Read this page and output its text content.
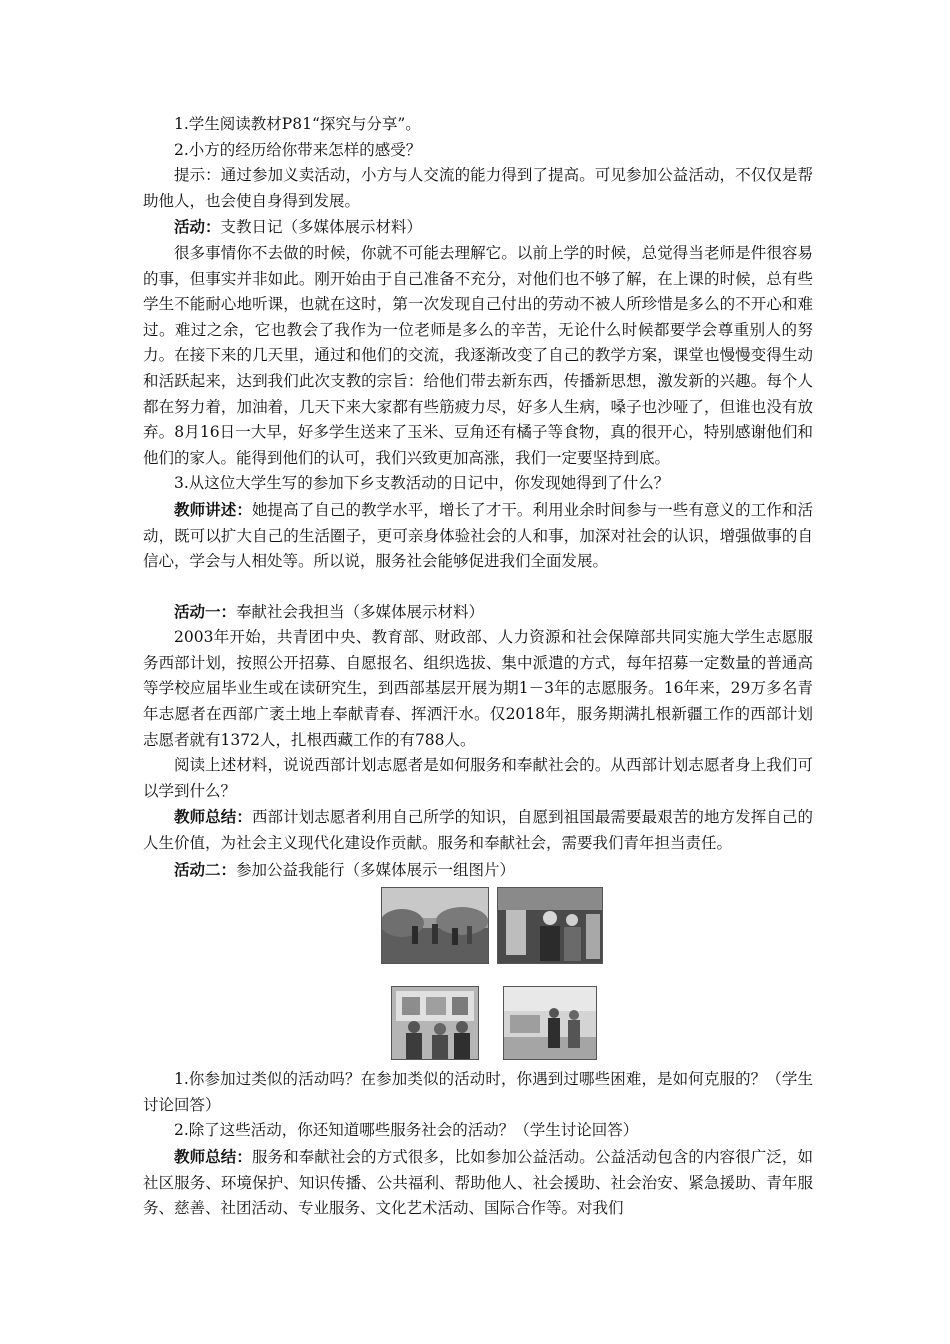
1.学生阅读教材P81“探究与分享”。

2.小方的经历给你带来怎样的感受？

提示：通过参加义卖活动，小方与人交流的能力得到了提高。可见参加公益活动，不仅仅是帮助他人，也会使自身得到发展。

活动：支教日记（多媒体展示材料）

很多事情你不去做的时候，你就不可能去理解它。以前上学的时候，总觉得当老师是件很容易的事，但事实并非如此。刚开始由于自己准备不充分，对他们也不够了解，在上课的时候，总有些学生不能耐心地听课，也就在这时，第一次发现自己付出的劳动不被人所珍惜是多么的不开心和难过。难过之余，它也教会了我作为一位老师是多么的辛苦，无论什么时候都要学会尊重别人的努力。在接下来的几天里，通过和他们的交流，我逐渐改变了自己的教学方案，课堂也慢慢变得生动和活跃起来，达到我们此次支教的宗旨：给他们带去新东西，传播新思想，激发新的兴趣。每个人都在努力着，加油着，几天下来大家都有些筋疲力尽，好多人生病，嗓子也沙哑了，但谁也没有放弃。8月16日一大早，好多学生送来了玉米、豆角还有橘子等食物，真的很开心，特别感谢他们和他们的家人。能得到他们的认可，我们兴致更加高涨，我们一定要坚持到底。

3.从这位大学生写的参加下乡支教活动的日记中，你发现她得到了什么？

教师讲述：她提高了自己的教学水平，增长了才干。利用业余时间参与一些有意义的工作和活动，既可以扩大自己的生活圈子，更可亲身体验社会的人和事，加深对社会的认识，增强做事的自信心，学会与人相处等。所以说，服务社会能够促进我们全面发展。

活动一：奉献社会我担当（多媒体展示材料）

2003年开始，共青团中央、教育部、财政部、人力资源和社会保障部共同实施大学生志愿服务西部计划，按照公开招募、自愿报名、组织选拔、集中派遣的方式，每年招募一定数量的普通高等学校应届毕业生或在读研究生，到西部基层开展为期1－3年的志愿服务。16年来，29万多名青年志愿者在西部广袤土地上奉献青春、挥洒汗水。仅2018年，服务期满扎根新疆工作的西部计划志愿者就有1372人，扎根西藏工作的有788人。

阅读上述材料，说说西部计划志愿者是如何服务和奉献社会的。从西部计划志愿者身上我们可以学到什么？

教师总结：西部计划志愿者利用自己所学的知识，自愿到祖国最需要最艰苦的地方发挥自己的人生价值，为社会主义现代化建设作贡献。服务和奉献社会，需要我们青年担当责任。

活动二：参加公益我能行（多媒体展示一组图片）

1.你参加过类似的活动吗？在参加类似的活动时，你遇到过哪些困难，是如何克服的？（学生讨论回答）

2.除了这些活动，你还知道哪些服务社会的活动？（学生讨论回答）

教师总结：服务和奉献社会的方式很多，比如参加公益活动。公益活动包含的内容很广泛，如社区服务、环境保护、知识传播、公共福利、帮助他人、社会援助、社会治安、紧急援助、青年服务、慈善、社团活动、专业服务、文化艺术活动、国际合作等。对我们
